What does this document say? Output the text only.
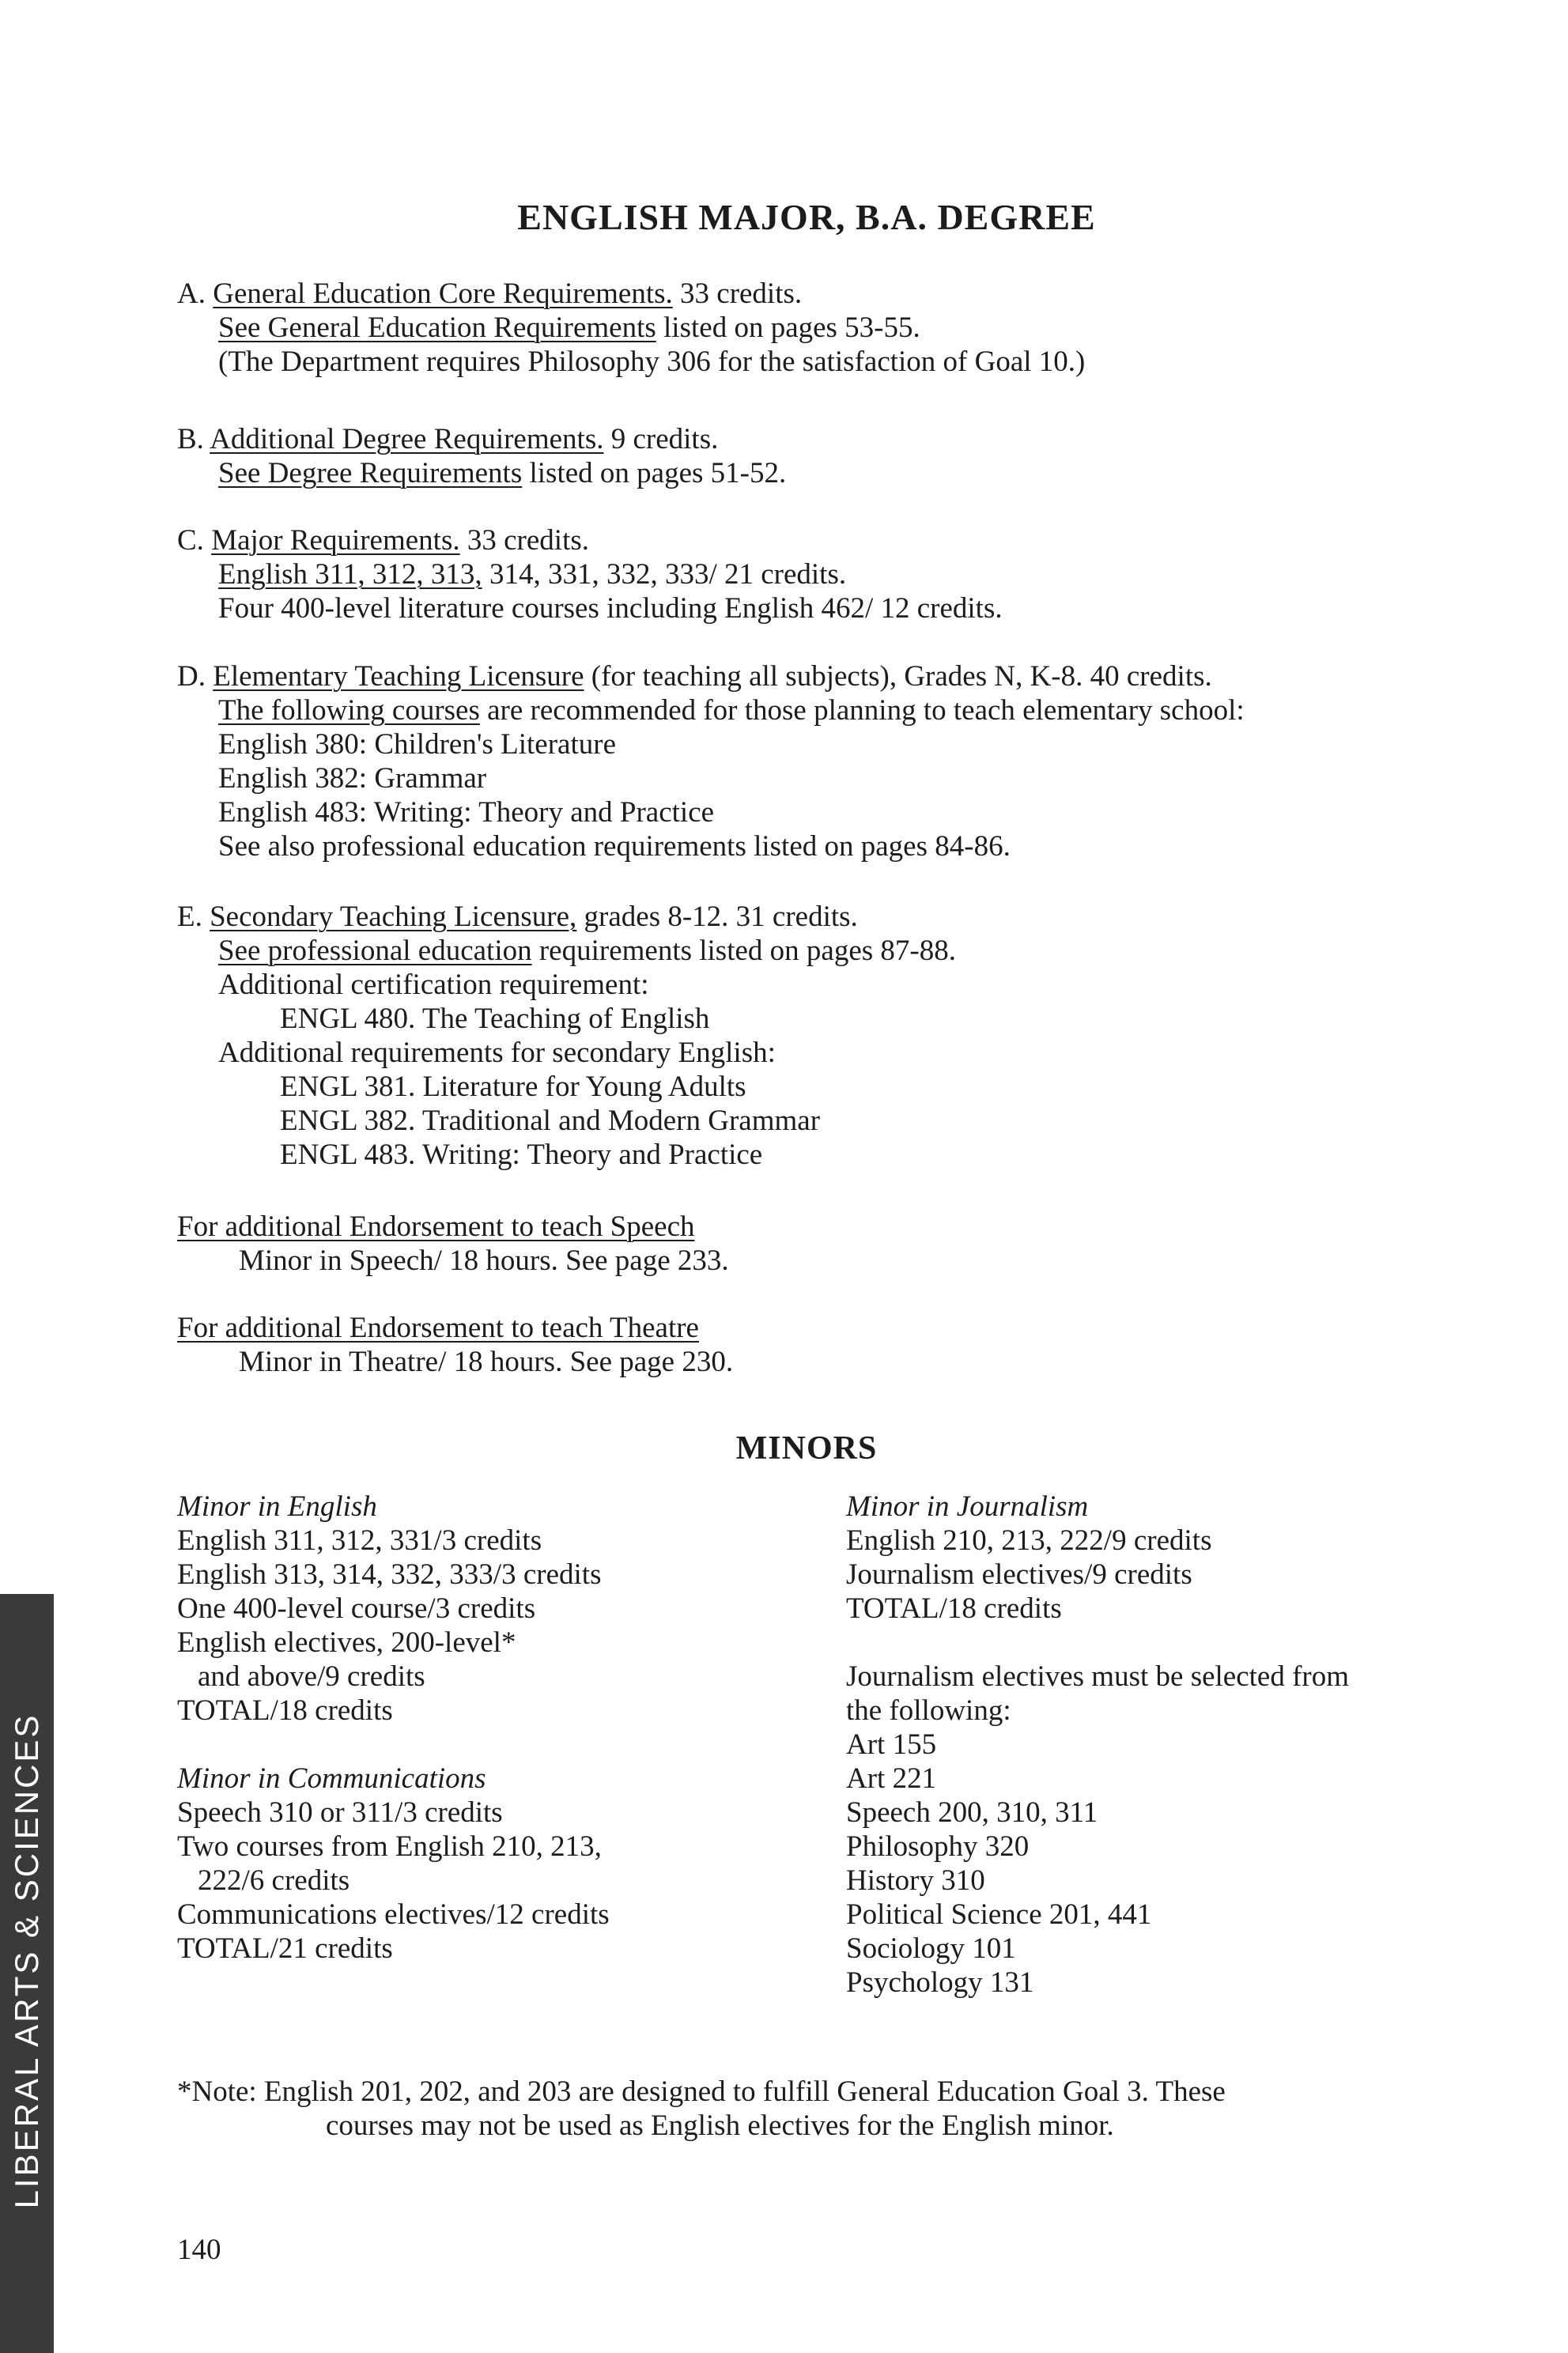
ENGLISH MAJOR, B.A. DEGREE
A. General Education Core Requirements. 33 credits.
See General Education Requirements listed on pages 53-55.
(The Department requires Philosophy 306 for the satisfaction of Goal 10.)
B. Additional Degree Requirements. 9 credits.
See Degree Requirements listed on pages 51-52.
C. Major Requirements. 33 credits.
English 311, 312, 313, 314, 331, 332, 333/ 21 credits.
Four 400-level literature courses including English 462/ 12 credits.
D. Elementary Teaching Licensure (for teaching all subjects), Grades N, K-8. 40 credits.
The following courses are recommended for those planning to teach elementary school:
English 380: Children's Literature
English 382: Grammar
English 483: Writing: Theory and Practice
See also professional education requirements listed on pages 84-86.
E. Secondary Teaching Licensure, grades 8-12. 31 credits.
See professional education requirements listed on pages 87-88.
Additional certification requirement:
ENGL 480. The Teaching of English
Additional requirements for secondary English:
ENGL 381. Literature for Young Adults
ENGL 382. Traditional and Modern Grammar
ENGL 483. Writing: Theory and Practice
For additional Endorsement to teach Speech
Minor in Speech/ 18 hours. See page 233.
For additional Endorsement to teach Theatre
Minor in Theatre/ 18 hours. See page 230.
MINORS
Minor in English
English 311, 312, 331/3 credits
English 313, 314, 332, 333/3 credits
One 400-level course/3 credits
English electives, 200-level*
and above/9 credits
TOTAL/18 credits
Minor in Communications
Speech 310 or 311/3 credits
Two courses from English 210, 213,
222/6 credits
Communications electives/12 credits
TOTAL/21 credits
Minor in Journalism
English 210, 213, 222/9 credits
Journalism electives/9 credits
TOTAL/18 credits
Journalism electives must be selected from
the following:
Art 155
Art 221
Speech 200, 310, 311
Philosophy 320
History 310
Political Science 201, 441
Sociology 101
Psychology 131
*Note: English 201, 202, and 203 are designed to fulfill General Education Goal 3. These
courses may not be used as English electives for the English minor.
140
LIBERAL ARTS & SCIENCES
